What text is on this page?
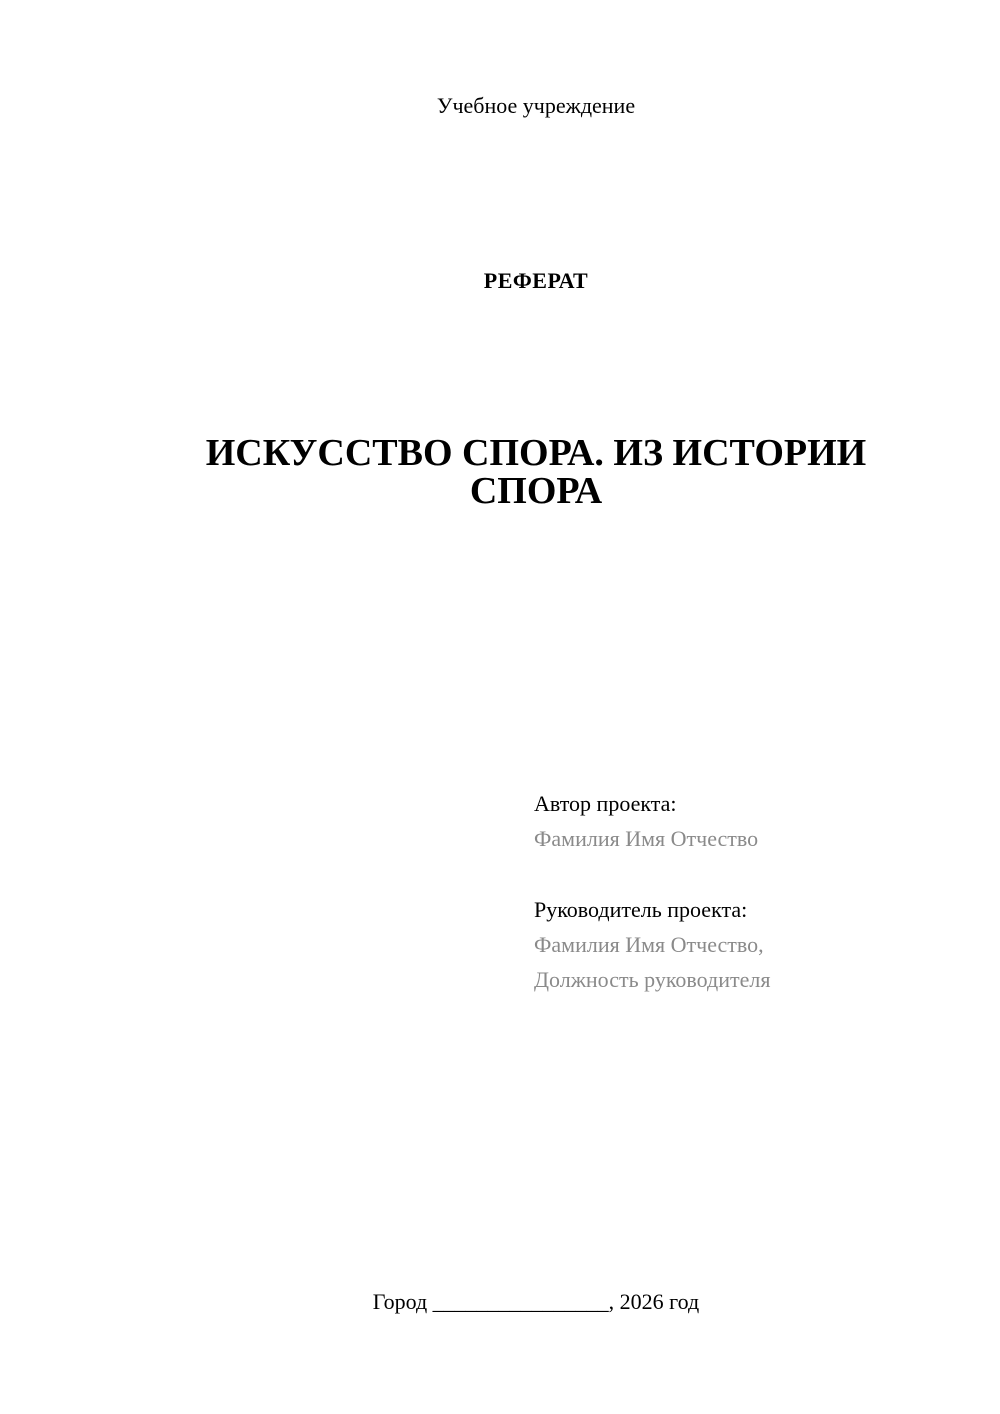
Учебное учреждение

РЕФЕРАТ

ИСКУССТВО СПОРА. ИЗ ИСТОРИИ
СПОРА

Автор проекта:

Фамилия Имя Отчество

Руководитель проекта:

Фамилия Имя Отчество,

Должность руководителя

Город ________________, 2026 год
